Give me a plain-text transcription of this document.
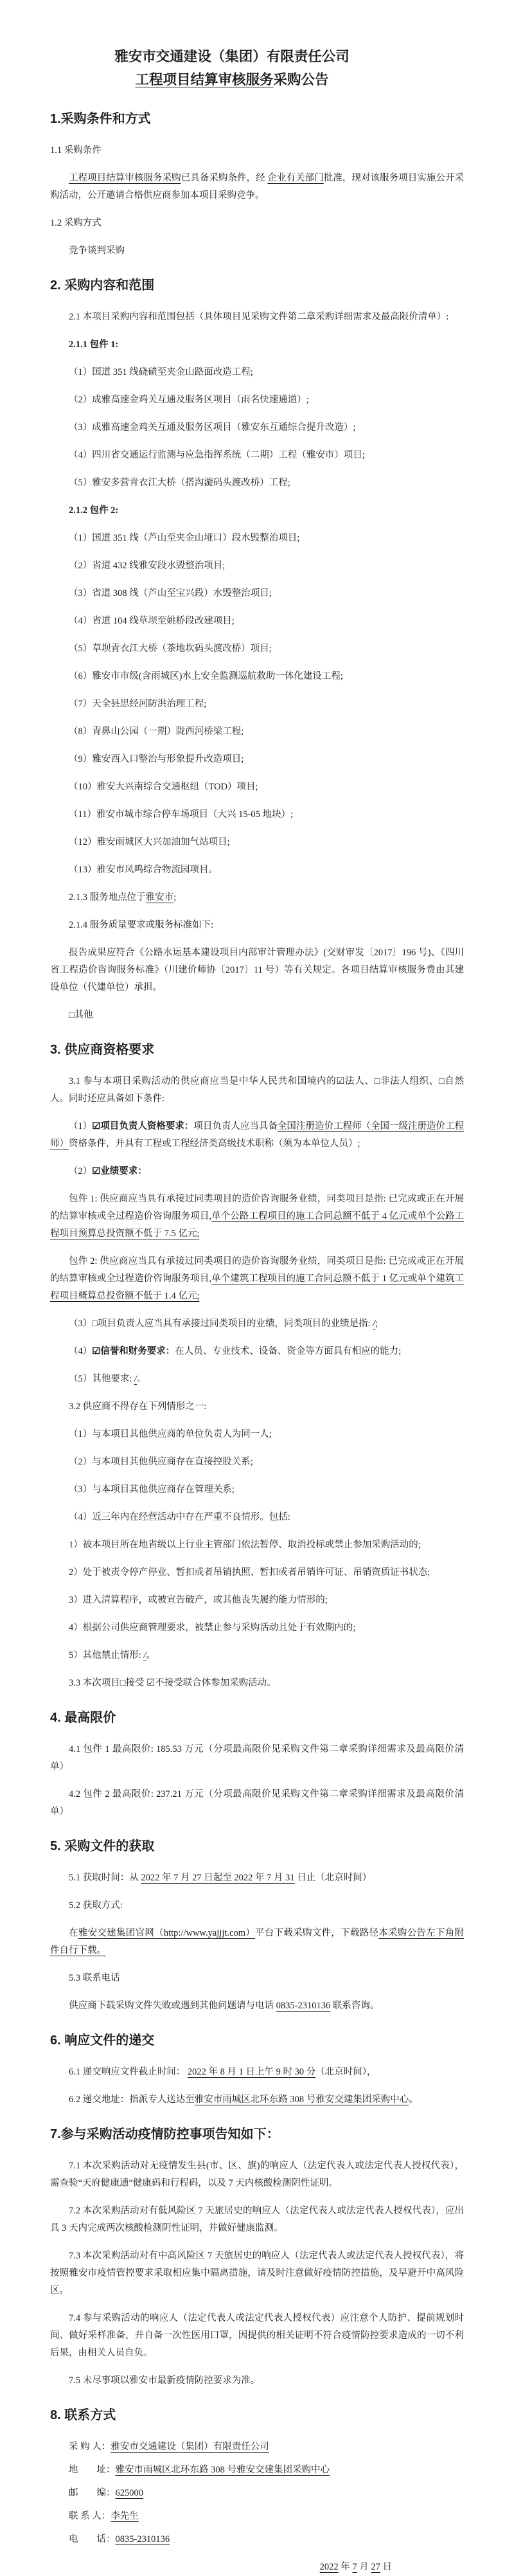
雅安市交通建设（集团）有限责任公司
工程项目结算审核服务采购公告
1.采购条件和方式

1.1 采购条件

工程项目结算审核服务采购已具备采购条件，经 企业有关部门批准，现对该服务项目实施公开采购活动，公开邀请合格供应商参加本项目采购竞争。

1.2 采购方式

竞争谈判采购

2. 采购内容和范围

2.1 本项目采购内容和范围包括（具体项目见采购文件第二章采购详细需求及最高限价清单）:

2.1.1 包件 1:

（1）国道 351 线硗碛至夹金山路面改造工程;

（2）成雅高速金鸡关互通及服务区项目（雨名快速通道）;

（3）成雅高速金鸡关互通及服务区项目（雅安东互通综合提升改造）;

（4）四川省交通运行监测与应急指挥系统（二期）工程（雅安市）项目;

（5）雅安多营青衣江大桥（搭沟漩码头渡改桥）工程;

2.1.2 包件 2:

（1）国道 351 线（芦山至夹金山垭口）段水毁整治项目;

（2）省道 432 线雅安段水毁整治项目;

（3）省道 308 线（芦山至宝兴段）水毁整治项目;

（4）省道 104 线草坝至姚桥段改建项目;

（5）草坝青衣江大桥（茶地坎码头渡改桥）项目;

（6）雅安市市级(含雨城区)水上安全监测巡航救助一体化建设工程;

（7）天全县思经河防洪治理工程;

（8）青鼻山公园（一期）陇西河桥梁工程;

（9）雅安西入口整治与形象提升改造项目;

（10）雅安大兴南综合交通枢纽（TOD）项目;

（11）雅安市城市综合停车场项目（大兴 15-05 地块）;

（12）雅安雨城区大兴加油加气站项目;

（13）雅安市凤鸣综合物流园项目。

2.1.3 服务地点位于雅安市;

2.1.4 服务质量要求或服务标准如下:

报告成果应符合《公路水运基本建设项目内部审计管理办法》(交财审发〔2017〕196 号)、《四川省工程造价咨询服务标准》（川建价师协〔2017〕11 号）等有关规定。各项目结算审核服务费由其建设单位（代建单位）承担。

□其他

3. 供应商资格要求

3.1 参与本项目采购活动的供应商应当是中华人民共和国境内的☑法人、□非法人组织、□自然人。同时还应具备如下条件:

（1）☑项目负责人资格要求：项目负责人应当具备全国注册造价工程师（全国一级注册造价工程师）资格条件，并具有工程或工程经济类高级技术职称（须为本单位人员）;

（2）☑业绩要求：

包件 1: 供应商应当具有承接过同类项目的造价咨询服务业绩，同类项目是指: 已完成或正在开展的结算审核或全过程造价咨询服务项目,单个公路工程项目的施工合同总额不低于 4 亿元或单个公路工程项目预算总投资额不低于 7.5 亿元;

包件 2: 供应商应当具有承接过同类项目的造价咨询服务业绩，同类项目是指: 已完成或正在开展的结算审核或全过程造价咨询服务项目,单个建筑工程项目的施工合同总额不低于 1 亿元或单个建筑工程项目概算总投资额不低于 1.4 亿元;

（3）□项目负责人应当具有承接过同类项目的业绩，同类项目的业绩是指: /;

（4）☑信誉和财务要求：在人员、专业技术、设备、资金等方面具有相应的能力;

（5）其他要求: /。

3.2 供应商不得存在下列情形之一:

（1）与本项目其他供应商的单位负责人为同一人;

（2）与本项目其他供应商存在直接控股关系;

（3）与本项目其他供应商存在管理关系;

（4）近三年内在经营活动中存在严重不良情形。包括:

1）被本项目所在地省级以上行业主管部门依法暂停、取消投标或禁止参加采购活动的;

2）处于被责令停产停业、暂扣或者吊销执照、暂扣或者吊销许可证、吊销资质证书状态;

3）进入清算程序，或被宣告破产，或其他丧失履约能力情形的;

4）根据公司供应商管理要求，被禁止参与采购活动且处于有效期内的;

5）其他禁止情形: /。

3.3 本次项目□接受 ☑不接受联合体参加采购活动。

4. 最高限价

4.1 包件 1 最高限价: 185.53 万元（分项最高限价见采购文件第二章采购详细需求及最高限价清单）

4.2 包件 2 最高限价: 237.21 万元（分项最高限价见采购文件第二章采购详细需求及最高限价清单）

5. 采购文件的获取

5.1 获取时间：从 2022 年 7 月 27 日起至 2022 年 7 月 31 日止（北京时间）

5.2 获取方式:

在雅安交建集团官网（http://www.yajjjt.com）平台下载采购文件，下载路径本采购公告左下角附件自行下载。

5.3 联系电话

供应商下载采购文件失败或遇到其他问题请与电话 0835-2310136 联系咨询。

6. 响应文件的递交

6.1 递交响应文件截止时间： 2022 年 8 月 1 日上午 9 时 30 分（北京时间），

6.2 递交地址：指派专人送达至雅安市雨城区北环东路 308 号雅安交建集团采购中心。

7.参与采购活动疫情防控事项告知如下：

7.1 本次采购活动对无疫情发生县(市、区、旗)的响应人（法定代表人或法定代表人授权代表），需查验“天府健康通”健康码和行程码，以及 7 天内核酸检测阴性证明。

7.2 本次采购活动对有低风险区 7 天旅居史的响应人（法定代表人或法定代表人授权代表），应出具 3 天内完成两次核酸检测阴性证明，并做好健康监测。

7.3 本次采购活动对有中高风险区 7 天旅居史的响应人（法定代表人或法定代表人授权代表），将按照雅安市疫情管控要求采取相应集中隔离措施，请及时注意做好疫情防控措施，及早避开中高风险区。

7.4 参与采购活动的响应人（法定代表人或法定代表人授权代表）应注意个人防护、提前规划时间、做好采样准备，并自备一次性医用口罩，因提供的相关证明不符合疫情防控要求造成的一切不利后果，由相关人员自负。

7.5 未尽事项以雅安市最新疫情防控要求为准。

8. 联系方式
采 购 人：雅安市交通建设（集团）有限责任公司
地　　址：雅安市雨城区北环东路 308 号雅安交建集团采购中心
邮　　编：625000
联 系 人：李先生
电　　话：0835-2310136
2022 年 7 月 27 日
